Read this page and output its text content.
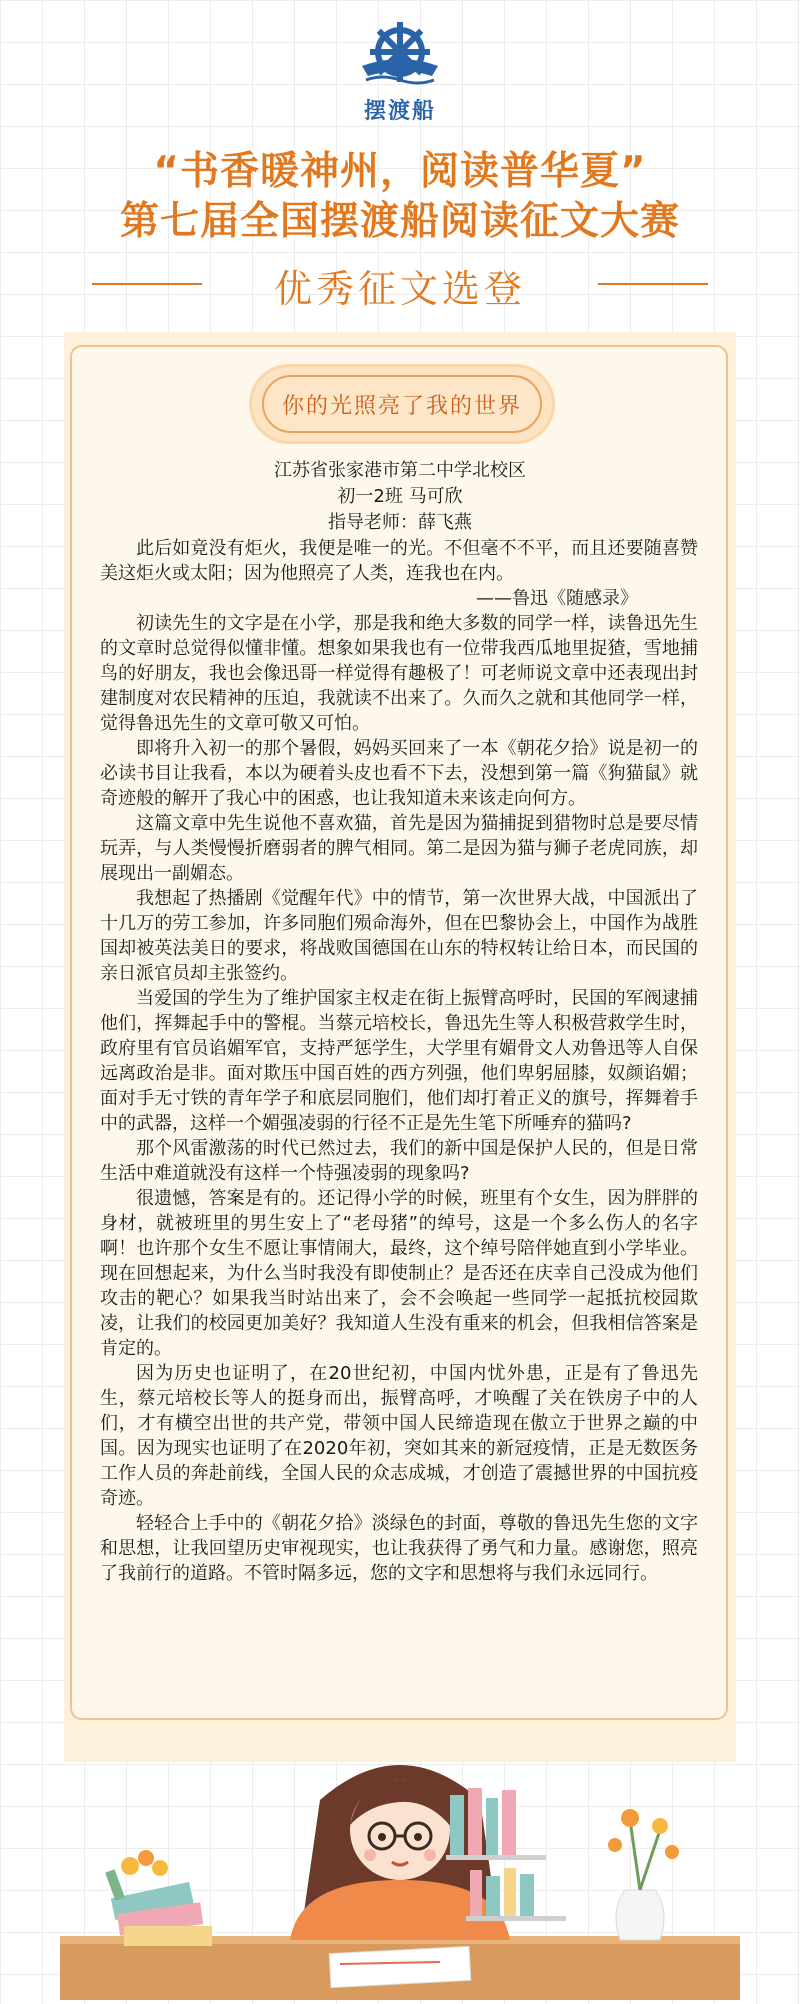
摆渡船
“书香暖神州，阅读普华夏”
第七届全国摆渡船阅读征文大赛
优秀征文选登
你的光照亮了我的世界
江苏省张家港市第二中学北校区
初一2班 马可欣
指导老师：薛飞燕

此后如竟没有炬火，我便是唯一的光。不但毫不不平，而且还要随喜赞美这炬火或太阳；因为他照亮了人类，连我也在内。

——鲁迅《随感录》

初读先生的文字是在小学，那是我和绝大多数的同学一样，读鲁迅先生的文章时总觉得似懂非懂。想象如果我也有一位带我西瓜地里捉猹，雪地捕鸟的好朋友，我也会像迅哥一样觉得有趣极了！可老师说文章中还表现出封建制度对农民精神的压迫，我就读不出来了。久而久之就和其他同学一样，觉得鲁迅先生的文章可敬又可怕。

即将升入初一的那个暑假，妈妈买回来了一本《朝花夕拾》说是初一的必读书目让我看，本以为硬着头皮也看不下去，没想到第一篇《狗猫鼠》就奇迹般的解开了我心中的困惑，也让我知道未来该走向何方。

这篇文章中先生说他不喜欢猫，首先是因为猫捕捉到猎物时总是要尽情玩弄，与人类慢慢折磨弱者的脾气相同。第二是因为猫与狮子老虎同族，却展现出一副媚态。

我想起了热播剧《觉醒年代》中的情节，第一次世界大战，中国派出了十几万的劳工参加，许多同胞们殒命海外，但在巴黎协会上，中国作为战胜国却被英法美日的要求，将战败国德国在山东的特权转让给日本，而民国的亲日派官员却主张签约。

当爱国的学生为了维护国家主权走在街上振臂高呼时，民国的军阀逮捕他们，挥舞起手中的警棍。当蔡元培校长，鲁迅先生等人积极营救学生时，政府里有官员谄媚军官，支持严惩学生，大学里有媚骨文人劝鲁迅等人自保远离政治是非。面对欺压中国百姓的西方列强，他们卑躬屈膝，奴颜谄媚；面对手无寸铁的青年学子和底层同胞们，他们却打着正义的旗号，挥舞着手中的武器，这样一个媚强凌弱的行径不正是先生笔下所唾弃的猫吗?

那个风雷激荡的时代已然过去，我们的新中国是保护人民的，但是日常生活中难道就没有这样一个恃强凌弱的现象吗?

很遗憾，答案是有的。还记得小学的时候，班里有个女生，因为胖胖的身材，就被班里的男生安上了“老母猪”的绰号，这是一个多么伤人的名字啊！也许那个女生不愿让事情闹大，最终，这个绰号陪伴她直到小学毕业。现在回想起来，为什么当时我没有即使制止？是否还在庆幸自己没成为他们攻击的靶心？如果我当时站出来了，会不会唤起一些同学一起抵抗校园欺凌，让我们的校园更加美好？我知道人生没有重来的机会，但我相信答案是肯定的。

因为历史也证明了，在20世纪初，中国内忧外患，正是有了鲁迅先生，蔡元培校长等人的挺身而出，振臂高呼，才唤醒了关在铁房子中的人们，才有横空出世的共产党，带领中国人民缔造现在傲立于世界之巅的中国。因为现实也证明了在2020年初，突如其来的新冠疫情，正是无数医务工作人员的奔赴前线，全国人民的众志成城，才创造了震撼世界的中国抗疫奇迹。

轻轻合上手中的《朝花夕拾》淡绿色的封面，尊敬的鲁迅先生您的文字和思想，让我回望历史审视现实，也让我获得了勇气和力量。感谢您，照亮了我前行的道路。不管时隔多远，您的文字和思想将与我们永远同行。
